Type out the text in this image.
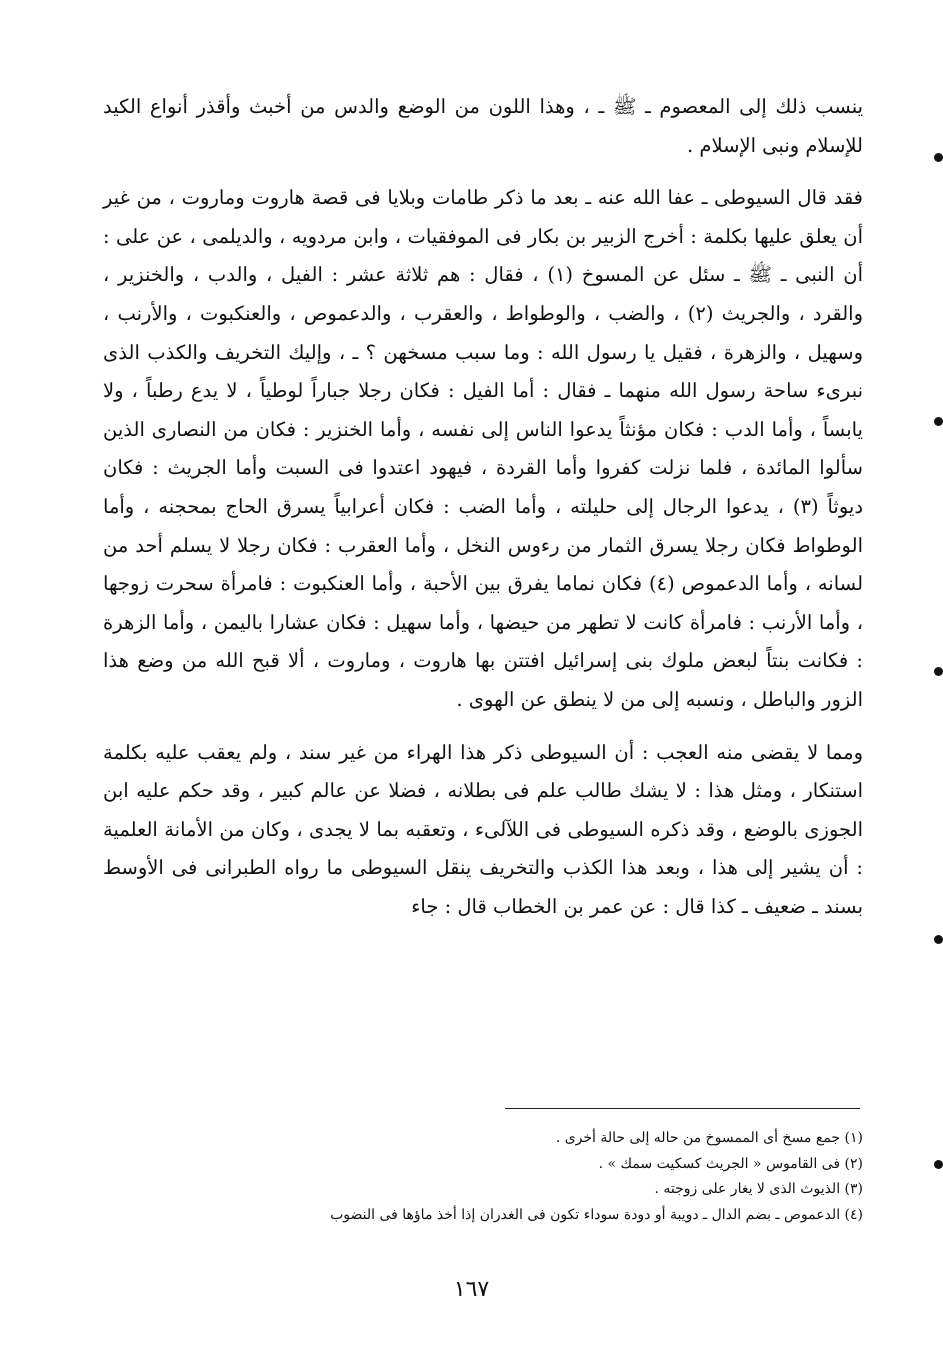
ينسب ذلك إلى المعصوم ـ ﷺ ـ ، وهذا اللون من الوضع والدس من أخبث وأقذر أنواع الكيد للإسلام ونبى الإسلام .

فقد قال السيوطى ـ عفا الله عنه ـ بعد ما ذكر طامات وبلايا فى قصة هاروت وماروت ، من غير أن يعلق عليها بكلمة : أخرج الزبير بن بكار فى الموفقيات ، وابن مردويه ، والديلمى ، عن على : أن النبى ـ ﷺ ـ سئل عن المسوخ (١) ، فقال : هم ثلاثة عشر : الفيل ، والدب ، والخنزير ، والقرد ، والجريث (٢) ، والضب ، والوطواط ، والعقرب ، والدعموص ، والعنكبوت ، والأرنب ، وسهيل ، والزهرة ، فقيل يا رسول الله : وما سبب مسخهن ؟ ـ ، وإليك التخريف والكذب الذى نبرىء ساحة رسول الله منهما ـ فقال : أما الفيل : فكان رجلا جباراً لوطياً ، لا يدع رطباً ، ولا يابساً ، وأما الدب : فكان مؤنثاً يدعوا الناس إلى نفسه ، وأما الخنزير : فكان من النصارى الذين سألوا المائدة ، فلما نزلت كفروا وأما القردة ، فيهود اعتدوا فى السبت وأما الجريث : فكان ديوثاً (٣) ، يدعوا الرجال إلى حليلته ، وأما الضب : فكان أعرابياً يسرق الحاج بمحجنه ، وأما الوطواط فكان رجلا يسرق الثمار من رءوس النخل ، وأما العقرب : فكان رجلا لا يسلم أحد من لسانه ، وأما الدعموص (٤) فكان نماما يفرق بين الأحبة ، وأما العنكبوت : فامرأة سحرت زوجها ، وأما الأرنب : فامرأة كانت لا تطهر من حيضها ، وأما سهيل : فكان عشارا باليمن ، وأما الزهرة : فكانت بنتاً لبعض ملوك بنى إسرائيل افتتن بها هاروت ، وماروت ، ألا قبح الله من وضع هذا الزور والباطل ، ونسبه إلى من لا ينطق عن الهوى .

ومما لا يقضى منه العجب : أن السيوطى ذكر هذا الهراء من غير سند ، ولم يعقب عليه بكلمة استنكار ، ومثل هذا : لا يشك طالب علم فى بطلانه ، فضلا عن عالم كبير ، وقد حكم عليه ابن الجوزى بالوضع ، وقد ذكره السيوطى فى اللآلىء ، وتعقبه بما لا يجدى ، وكان من الأمانة العلمية : أن يشير إلى هذا ، وبعد هذا الكذب والتخريف ينقل السيوطى ما رواه الطبرانى فى الأوسط بسند ـ ضعيف ـ كذا قال : عن عمر بن الخطاب قال : جاء

(١) جمع مسخ أى الممسوخ من حاله إلى حالة أخرى .
(٢) فى القاموس « الجريث كسكيت سمك » .
(٣) الذيوث الذى لا يغار على زوجته .
(٤) الدعموص ـ بضم الدال ـ دويبة أو دودة سوداء تكون فى الغدران إذا أخذ ماؤها فى النضوب
١٦٧
